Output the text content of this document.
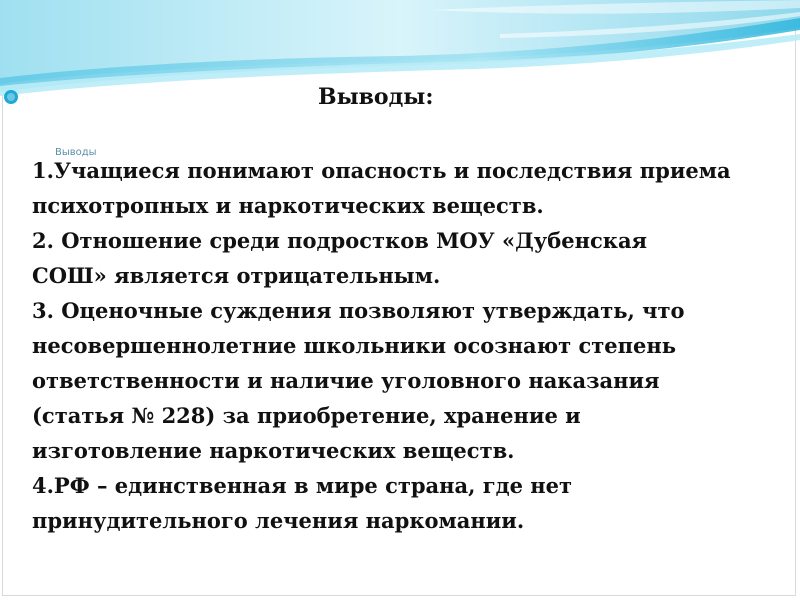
Выводы:
Выводы
1.Учащиеся понимают опасность и последствия приема
психотропных и наркотических веществ.
2. Отношение среди подростков МОУ «Дубенская
СОШ» является отрицательным.
3. Оценочные суждения позволяют утверждать, что
несовершеннолетние школьники осознают степень
ответственности и наличие уголовного наказания
(статья № 228) за приобретение, хранение и
изготовление наркотических веществ.
4.РФ – единственная в мире страна, где нет
принудительного лечения наркомании.
